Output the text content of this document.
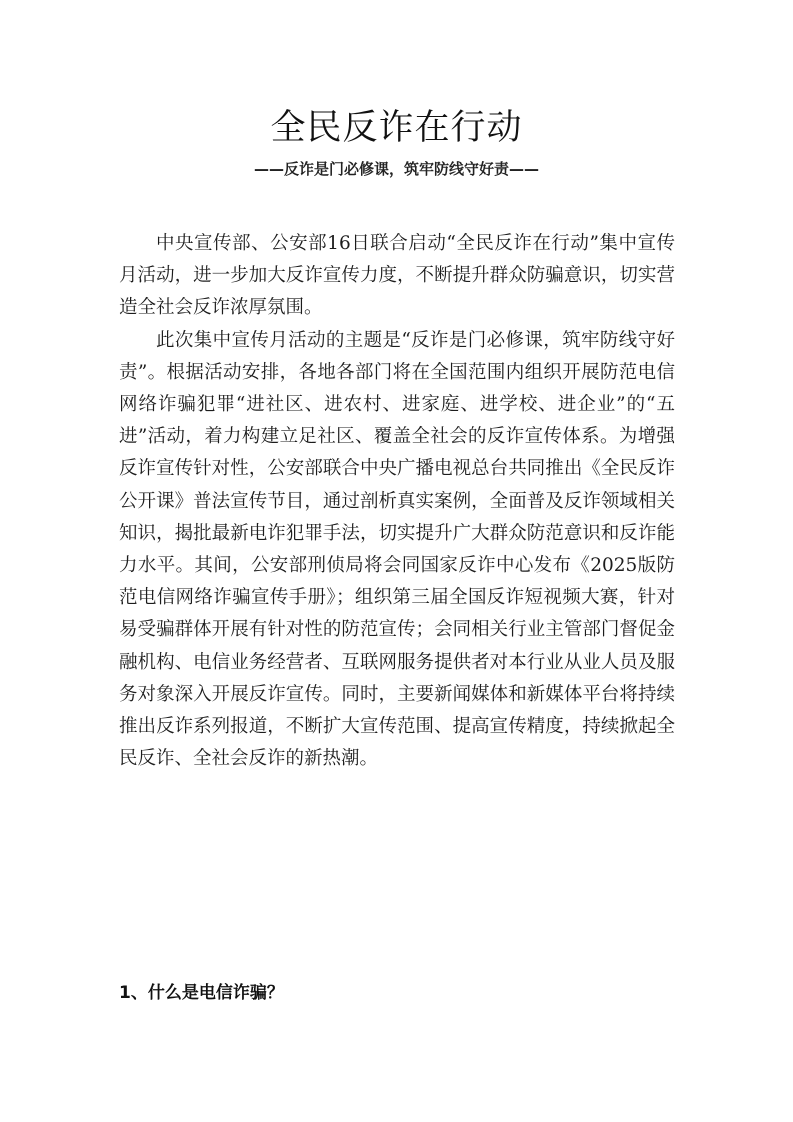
全民反诈在行动
——反诈是门必修课，筑牢防线守好责——

中央宣传部、公安部16日联合启动“全民反诈在行动”集中宣传月活动，进一步加大反诈宣传力度，不断提升群众防骗意识，切实营造全社会反诈浓厚氛围。

此次集中宣传月活动的主题是“反诈是门必修课，筑牢防线守好责”。根据活动安排，各地各部门将在全国范围内组织开展防范电信网络诈骗犯罪“进社区、进农村、进家庭、进学校、进企业”的“五进”活动，着力构建立足社区、覆盖全社会的反诈宣传体系。为增强反诈宣传针对性，公安部联合中央广播电视总台共同推出《全民反诈公开课》普法宣传节目，通过剖析真实案例，全面普及反诈领域相关知识，揭批最新电诈犯罪手法，切实提升广大群众防范意识和反诈能力水平。其间，公安部刑侦局将会同国家反诈中心发布《2025版防范电信网络诈骗宣传手册》；组织第三届全国反诈短视频大赛，针对易受骗群体开展有针对性的防范宣传；会同相关行业主管部门督促金融机构、电信业务经营者、互联网服务提供者对本行业从业人员及服务对象深入开展反诈宣传。同时，主要新闻媒体和新媒体平台将持续推出反诈系列报道，不断扩大宣传范围、提高宣传精度，持续掀起全民反诈、全社会反诈的新热潮。

1、什么是电信诈骗？
